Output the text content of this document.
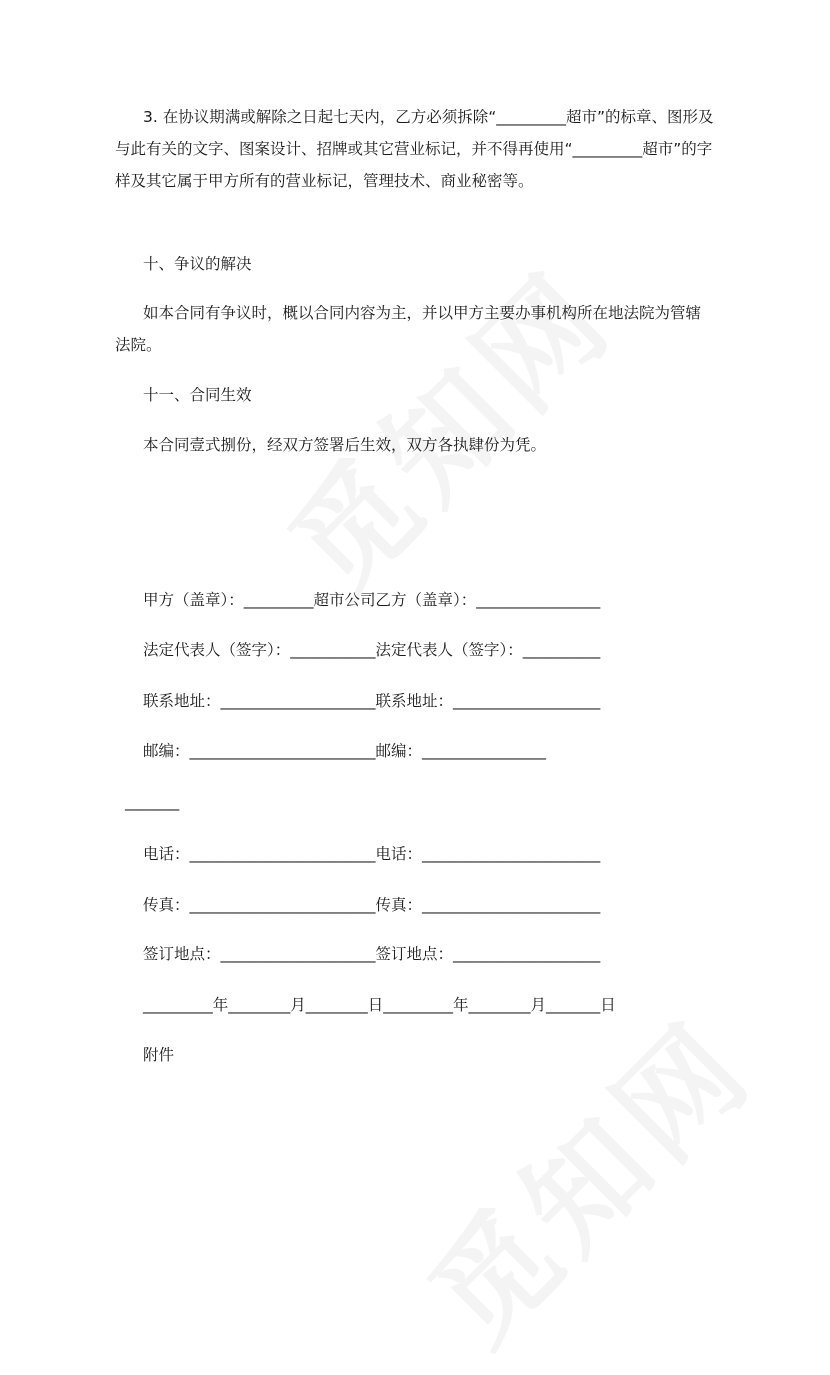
3. 在协议期满或解除之日起七天内，乙方必须拆除“_________超市”的标章、图形及与此有关的文字、图案设计、招牌或其它营业标记，并不得再使用“_________超市”的字样及其它属于甲方所有的营业标记，管理技术、商业秘密等。

十、争议的解决

如本合同有争议时，概以合同内容为主，并以甲方主要办事机构所在地法院为管辖法院。

十一、合同生效

本合同壹式捌份，经双方签署后生效，双方各执肆份为凭。

甲方（盖章）：_________超市公司乙方（盖章）：________________
法定代表人（签字）：___________法定代表人（签字）：__________
联系地址：____________________联系地址：___________________
邮编：________________________邮编：________________
_______
电话：________________________电话：_______________________
传真：________________________传真：_______________________
签订地点：____________________签订地点：___________________
_________年________月________日_________年________月_______日
附件
